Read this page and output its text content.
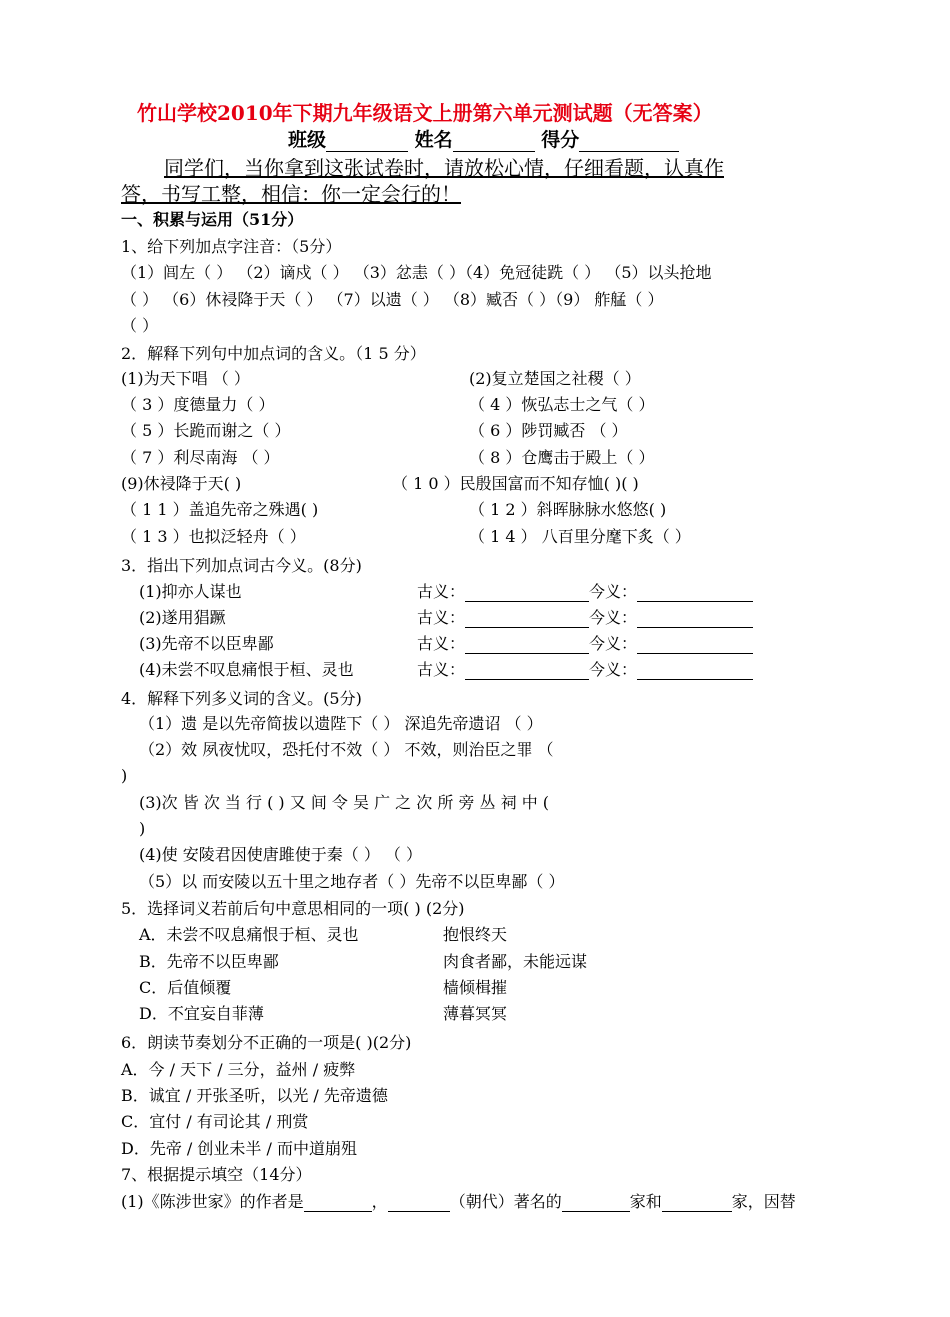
竹山学校2010年下期九年级语文上册第六单元测试题（无答案）
班级	姓名	得分
同学们，当你拿到这张试卷时，请放松心情，仔细看题，认真作
答，书写工整，相信：你一定会行的！
一、积累与运用（51分）
1、给下列加点字注音：（5分）
（1）闾左（ ） （2）谪戍（ ） （3）忿恚（ ）（4）免冠徒跣（ ） （5）以头抢地
（ ） （6）休祲降于天（ ） （7）以遗（ ） （8）臧否（ ）（9） 舴艋（ ）
（ ）
2．解释下列句中加点词的含义。（1 5 分）
(1)为天下唱 （ ）	(2)复立楚国之社稷（ ）
（ 3 ）度德量力（ ）	（ 4 ）恢弘志士之气（ ）
（ 5 ）长跪而谢之（ ）	（ 6 ）陟罚臧否 （ ）
（ 7 ）利尽南海 （ ）	（ 8 ）仓鹰击于殿上（ ）
(9)休祲降于天( )	（ 1 0 ）民殷国富而不知存恤( )( )
（ 1 1 ）盖追先帝之殊遇( )	（ 1 2 ）斜晖脉脉水悠悠( )
（ 1 3 ）也拟泛轻舟（ ）	（ 1 4 ） 八百里分麾下炙（ ）
3．指出下列加点词古今义。(8分)
(1)抑亦人谋也	古义：	今义：
(2)遂用猖蹶	古义：	今义：
(3)先帝不以臣卑鄙	古义：	今义：
(4)未尝不叹息痛恨于桓、灵也	古义：	今义：
4．解释下列多义词的含义。(5分)
（1）遗 是以先帝简拔以遗陛下（ ） 深追先帝遗诏 （ ）
（2）效 夙夜忧叹，恐托付不效（ ） 不效，则治臣之罪 （
)
(3)次 皆 次 当 行 ( ) 又 间 令 吴 广 之 次 所 旁 丛 祠 中 (
)
(4)使 安陵君因使唐雎使于秦（ ） （ ）
（5）以 而安陵以五十里之地存者（ ）先帝不以臣卑鄙（ ）
5．选择词义若前后句中意思相同的一项( ) (2分)
A．未尝不叹息痛恨于桓、灵也	抱恨终天
B．先帝不以臣卑鄙	肉食者鄙，未能远谋
C．后值倾覆	樯倾楫摧
D．不宜妄自菲薄	薄暮冥冥
6．朗读节奏划分不正确的一项是( )(2分)
A．今 / 天下 / 三分，益州 / 疲弊
B．诚宜 / 开张圣听，以光 / 先帝遗德
C．宜付 / 有司论其 / 刑赏
D．先帝 / 创业未半 / 而中道崩殂
7、根据提示填空（14分）
(1)《陈涉世家》的作者是	，	（朝代）著名的	家和	家，因替
